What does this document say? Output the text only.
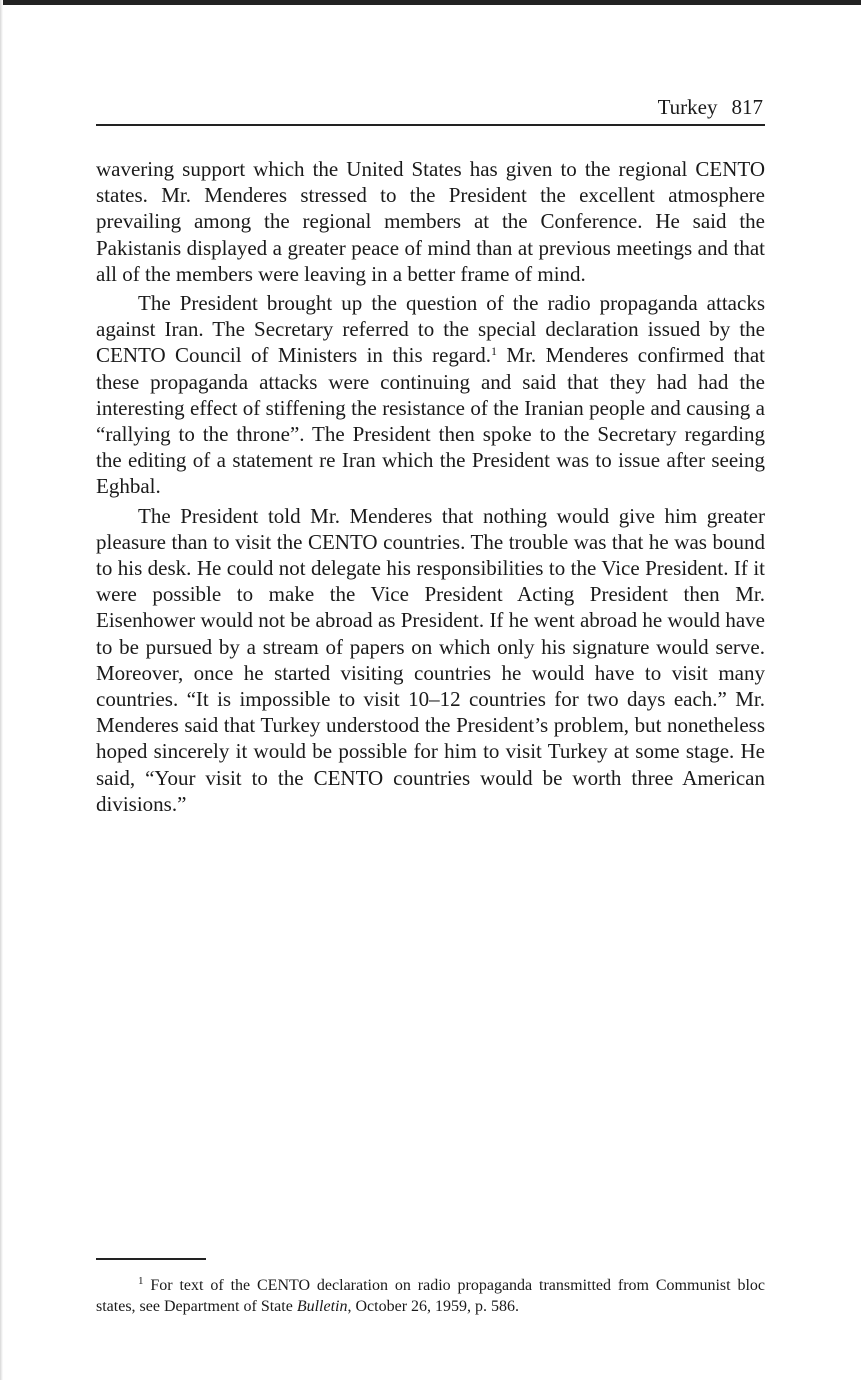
Turkey 817

wavering support which the United States has given to the regional CENTO states. Mr. Menderes stressed to the President the excellent atmosphere prevailing among the regional members at the Conference. He said the Pakistanis displayed a greater peace of mind than at previous meetings and that all of the members were leaving in a better frame of mind.

The President brought up the question of the radio propaganda attacks against Iran. The Secretary referred to the special declaration issued by the CENTO Council of Ministers in this regard.$^1$ Mr. Menderes confirmed that these propaganda attacks were continuing and said that they had had the interesting effect of stiffening the resistance of the Iranian people and causing a “rallying to the throne”. The President then spoke to the Secretary regarding the editing of a statement re Iran which the President was to issue after seeing Eghbal.

The President told Mr. Menderes that nothing would give him greater pleasure than to visit the CENTO countries. The trouble was that he was bound to his desk. He could not delegate his responsibilities to the Vice President. If it were possible to make the Vice President Acting President then Mr. Eisenhower would not be abroad as President. If he went abroad he would have to be pursued by a stream of papers on which only his signature would serve. Moreover, once he started visiting countries he would have to visit many countries. “It is impossible to visit 10–12 countries for two days each.” Mr. Menderes said that Turkey understood the President’s problem, but nonetheless hoped sincerely it would be possible for him to visit Turkey at some stage. He said, “Your visit to the CENTO countries would be worth three American divisions.”

$^1$ For text of the CENTO declaration on radio propaganda transmitted from Communist bloc states, see Department of State Bulletin, October 26, 1959, p. 586.
